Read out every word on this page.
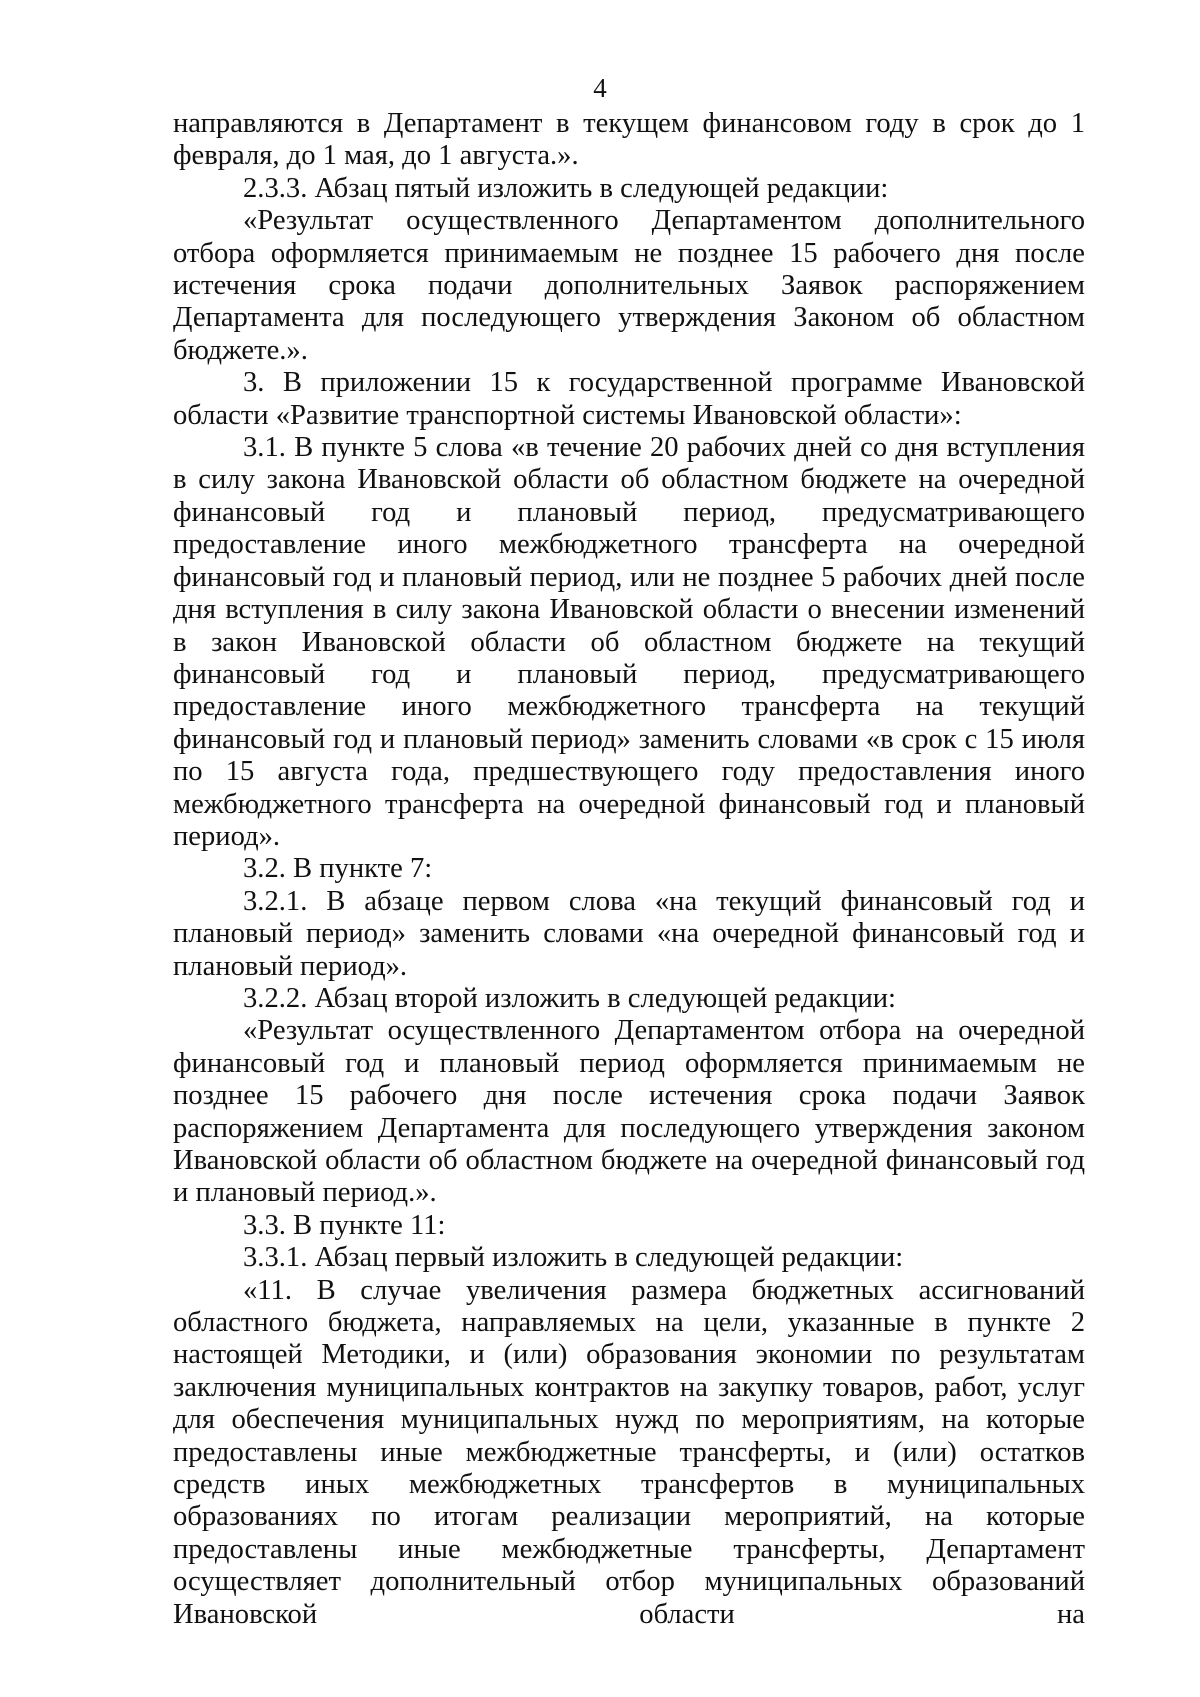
4

направляются в Департамент в текущем финансовом году в срок до 1 февраля, до 1 мая, до 1 августа.».

2.3.3. Абзац пятый изложить в следующей редакции:

«Результат осуществленного Департаментом дополнительного отбора оформляется принимаемым не позднее 15 рабочего дня после истечения срока подачи дополнительных Заявок распоряжением Департамента для последующего утверждения Законом об областном бюджете.».

3. В приложении 15 к государственной программе Ивановской области «Развитие транспортной системы Ивановской области»:

3.1. В пункте 5 слова «в течение 20 рабочих дней со дня вступления в силу закона Ивановской области об областном бюджете на очередной финансовый год и плановый период, предусматривающего предоставление иного межбюджетного трансферта на очередной финансовый год и плановый период, или не позднее 5 рабочих дней после дня вступления в силу закона Ивановской области о внесении изменений в закон Ивановской области об областном бюджете на текущий финансовый год и плановый период, предусматривающего предоставление иного межбюджетного трансферта на текущий финансовый год и плановый период» заменить словами «в срок с 15 июля по 15 августа года, предшествующего году предоставления иного межбюджетного трансферта на очередной финансовый год и плановый период».

3.2. В пункте 7:

3.2.1. В абзаце первом слова «на текущий финансовый год и плановый период» заменить словами «на очередной финансовый год и плановый период».

3.2.2. Абзац второй изложить в следующей редакции:

«Результат осуществленного Департаментом отбора на очередной финансовый год и плановый период оформляется принимаемым не позднее 15 рабочего дня после истечения срока подачи Заявок распоряжением Департамента для последующего утверждения законом Ивановской области об областном бюджете на очередной финансовый год и плановый период.».

3.3. В пункте 11:

3.3.1. Абзац первый изложить в следующей редакции:

«11. В случае увеличения размера бюджетных ассигнований областного бюджета, направляемых на цели, указанные в пункте 2 настоящей Методики, и (или) образования экономии по результатам заключения муниципальных контрактов на закупку товаров, работ, услуг для обеспечения муниципальных нужд по мероприятиям, на которые предоставлены иные межбюджетные трансферты, и (или) остатков средств иных межбюджетных трансфертов в муниципальных образованиях по итогам реализации мероприятий, на которые предоставлены иные межбюджетные трансферты, Департамент осуществляет дополнительный отбор муниципальных образований Ивановской области на
